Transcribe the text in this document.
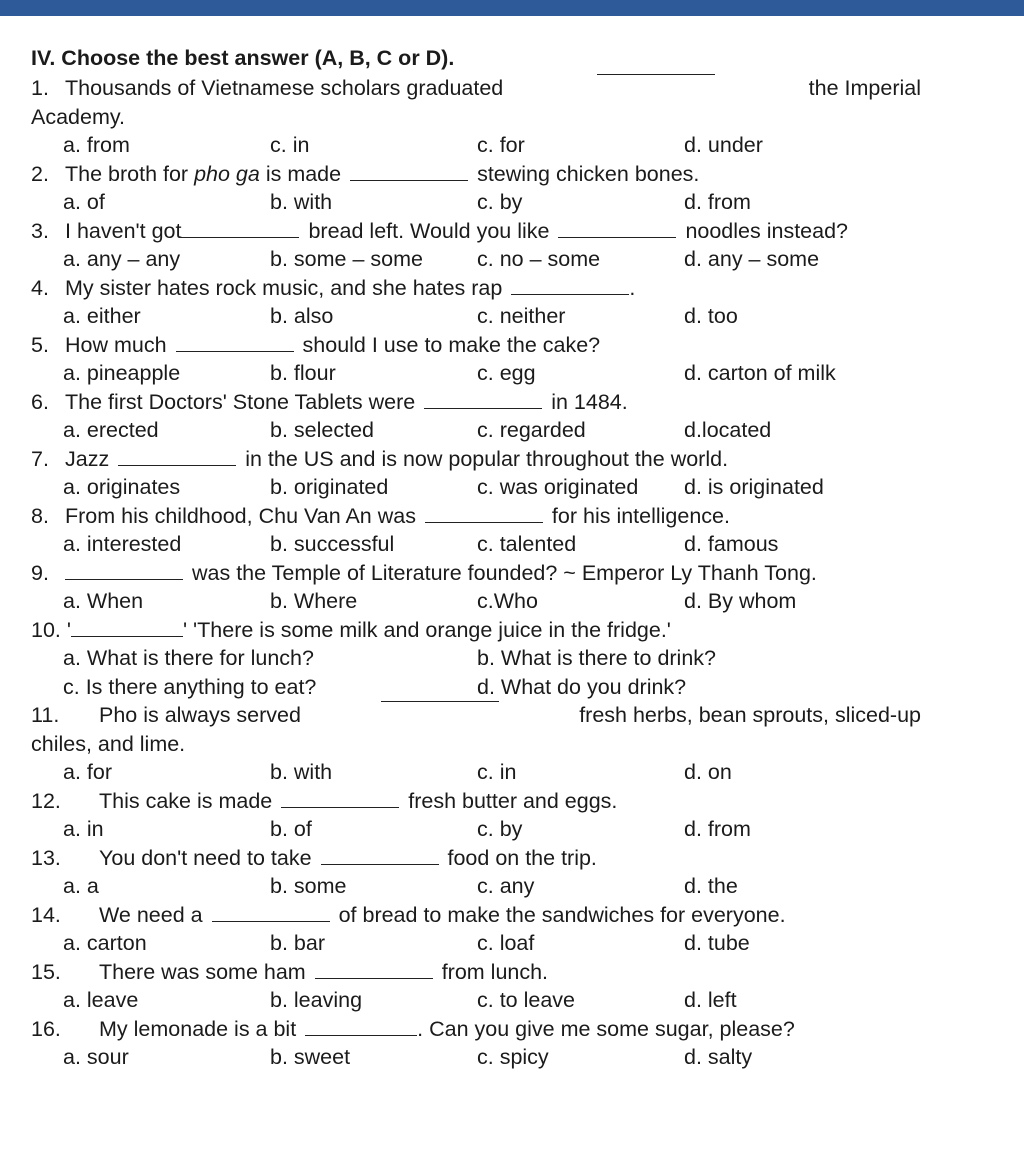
IV. Choose the best answer (A, B, C or D).
1. Thousands of Vietnamese scholars graduated	the Imperial
Academy.
a. from	c. in	c. for	d. under
2. The broth for pho ga is made	stewing chicken bones.
a. of	b. with	c. by	d. from
3. I haven't got	bread left. Would you like	noodles instead?
a. any – any	b. some – some	c. no – some	d. any – some
4. My sister hates rock music, and she hates rap	.
a. either	b. also	c. neither	d. too
5. How much	should I use to make the cake?
a. pineapple	b. flour	c. egg	d. carton of milk
6. The first Doctors' Stone Tablets were	in 1484.
a. erected	b. selected	c. regarded	d.located
7. Jazz	in the US and is now popular throughout the world.
a. originates	b. originated	c. was originated	d. is originated
8. From his childhood, Chu Van An was	for his intelligence.
a. interested	b. successful	c. talented	d. famous
9.	was the Temple of Literature founded? ~ Emperor Ly Thanh Tong.
a. When	b. Where	c.Who	d. By whom
10. '	' 'There is some milk and orange juice in the fridge.'
a. What is there for lunch?	b. What is there to drink?
c. Is there anything to eat?	d. What do you drink?
11.	Pho is always served	fresh herbs, bean sprouts, sliced-up
chiles, and lime.
a. for	b. with	c. in	d. on
12.	This cake is made	fresh butter and eggs.
a. in	b. of	c. by	d. from
13.	You don't need to take	food on the trip.
a. a	b. some	c. any	d. the
14.	We need a	of bread to make the sandwiches for everyone.
a. carton	b. bar	c. loaf	d. tube
15.	There was some ham	from lunch.
a. leave	b. leaving	c. to leave	d. left
16.	My lemonade is a bit	. Can you give me some sugar, please?
a. sour	b. sweet	c. spicy	d. salty
